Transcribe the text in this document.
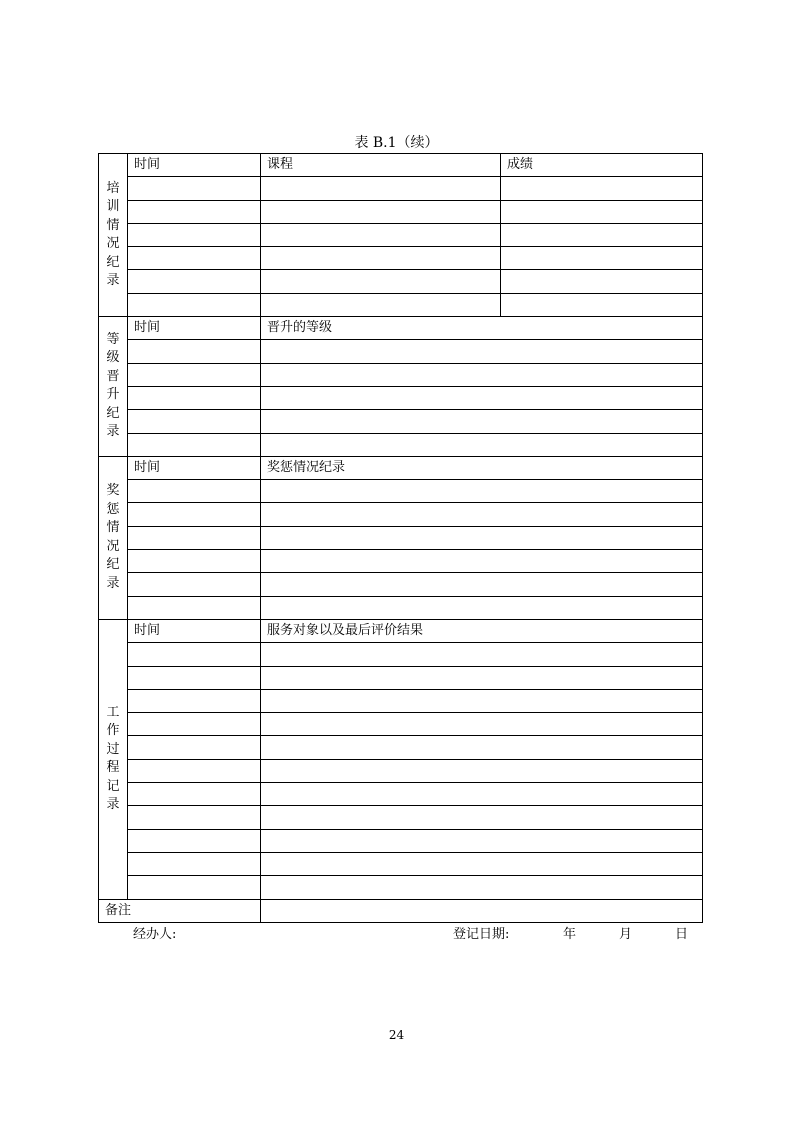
表 B.1（续）
培训情况纪录	时间	课程	成绩

等级晋升纪录	时间	晋升的等级	

奖惩情况纪录	时间	奖惩情况纪录	

工作过程记录	时间	服务对象以及最后评价结果	

备注			
经办人:	登记日期:	年	月	日
24
